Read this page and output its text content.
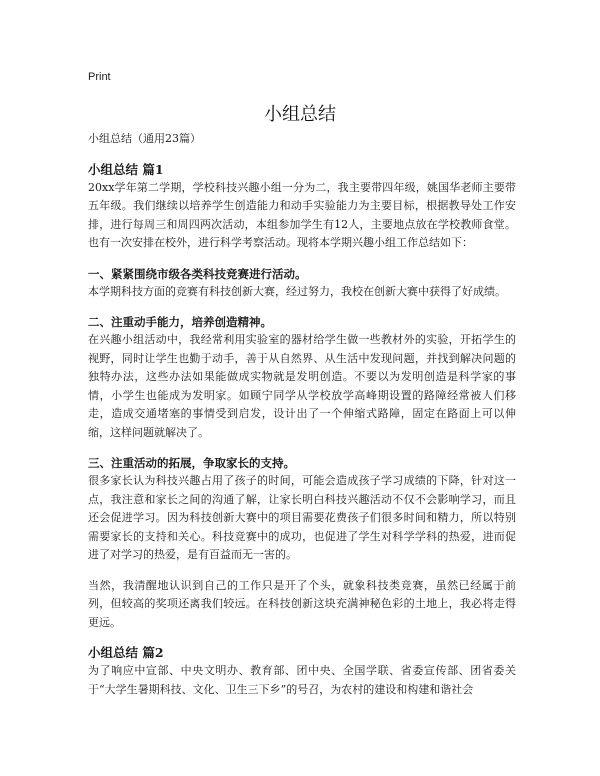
Print
小组总结

小组总结（通用23篇）

小组总结 篇1

20xx学年第二学期，学校科技兴趣小组一分为二，我主要带四年级，姚国华老师主要带五年级。我们继续以培养学生创造能力和动手实验能力为主要目标，根据教导处工作安排，进行每周三和周四两次活动，本组参加学生有12人，主要地点放在学校教师食堂。也有一次安排在校外，进行科学考察活动。现将本学期兴趣小组工作总结如下：

一、紧紧围绕市级各类科技竞赛进行活动。

本学期科技方面的竞赛有科技创新大赛，经过努力，我校在创新大赛中获得了好成绩。

二、注重动手能力，培养创造精神。

在兴趣小组活动中，我经常利用实验室的器材给学生做一些教材外的实验，开拓学生的视野，同时让学生也勤于动手，善于从自然界、从生活中发现问题，并找到解决问题的独特办法，这些办法如果能做成实物就是发明创造。不要以为发明创造是科学家的事情，小学生也能成为发明家。如顾宁同学从学校放学高峰期设置的路障经常被人们移走，造成交通堵塞的事情受到启发，设计出了一个伸缩式路障，固定在路面上可以伸缩，这样问题就解决了。

三、注重活动的拓展，争取家长的支持。

很多家长认为科技兴趣占用了孩子的时间，可能会造成孩子学习成绩的下降，针对这一点，我注意和家长之间的沟通了解，让家长明白科技兴趣活动不仅不会影响学习，而且还会促进学习。因为科技创新大赛中的项目需要花费孩子们很多时间和精力，所以特别需要家长的支持和关心。科技竞赛中的成功，也促进了学生对科学学科的热爱，进而促进了对学习的热爱，是有百益而无一害的。

当然，我清醒地认识到自己的工作只是开了个头，就象科技类竞赛，虽然已经属于前列，但较高的奖项还离我们较远。在科技创新这块充满神秘色彩的土地上，我必将走得更远。

小组总结 篇2

为了响应中宣部、中央文明办、教育部、团中央、全国学联、省委宣传部、团省委关于“大学生暑期科技、文化、卫生三下乡”的号召，为农村的建设和构建和谐社会
